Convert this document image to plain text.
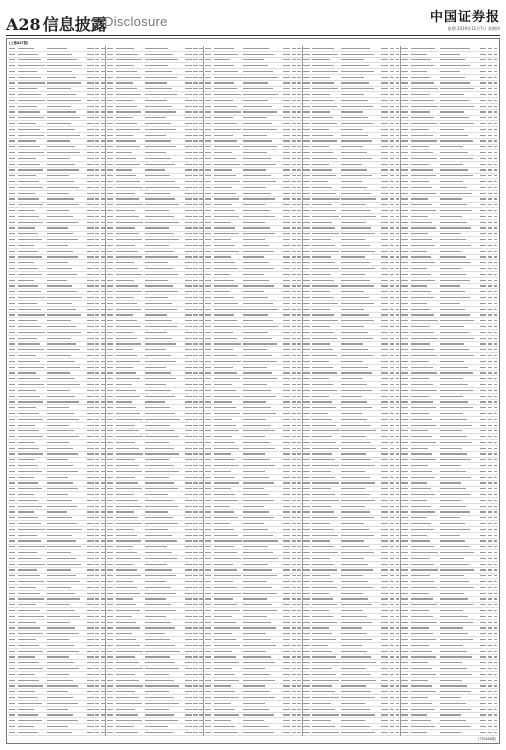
A28 信息披露
Disclosure	中国证券报
星期 2019年11月7日 星期四
(上接A27版)
(下转A29版)
